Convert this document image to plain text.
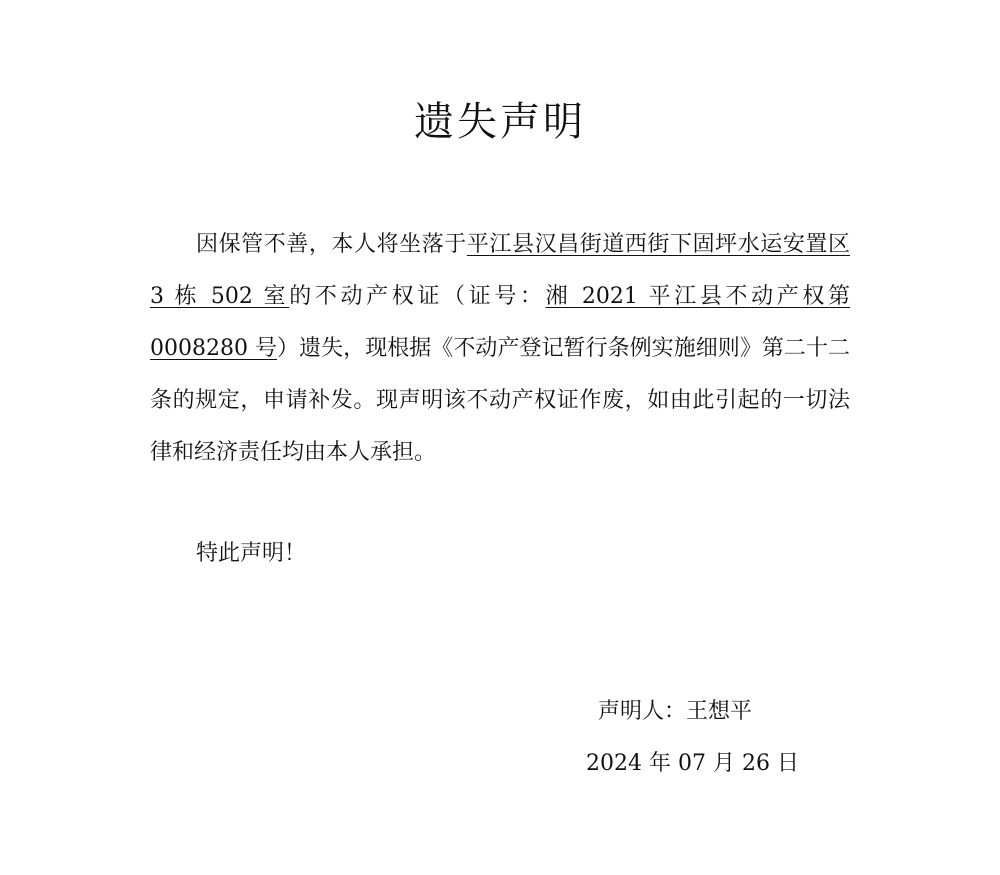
遗失声明

因保管不善，本人将坐落于平江县汉昌街道西街下固坪水运安置区 3 栋 502 室的不动产权证（证号：湘 2021 平江县不动产权第0008280 号）遗失，现根据《不动产登记暂行条例实施细则》第二十二条的规定，申请补发。现声明该不动产权证作废，如由此引起的一切法律和经济责任均由本人承担。

特此声明！

声明人：王想平

2024 年 07 月 26 日
